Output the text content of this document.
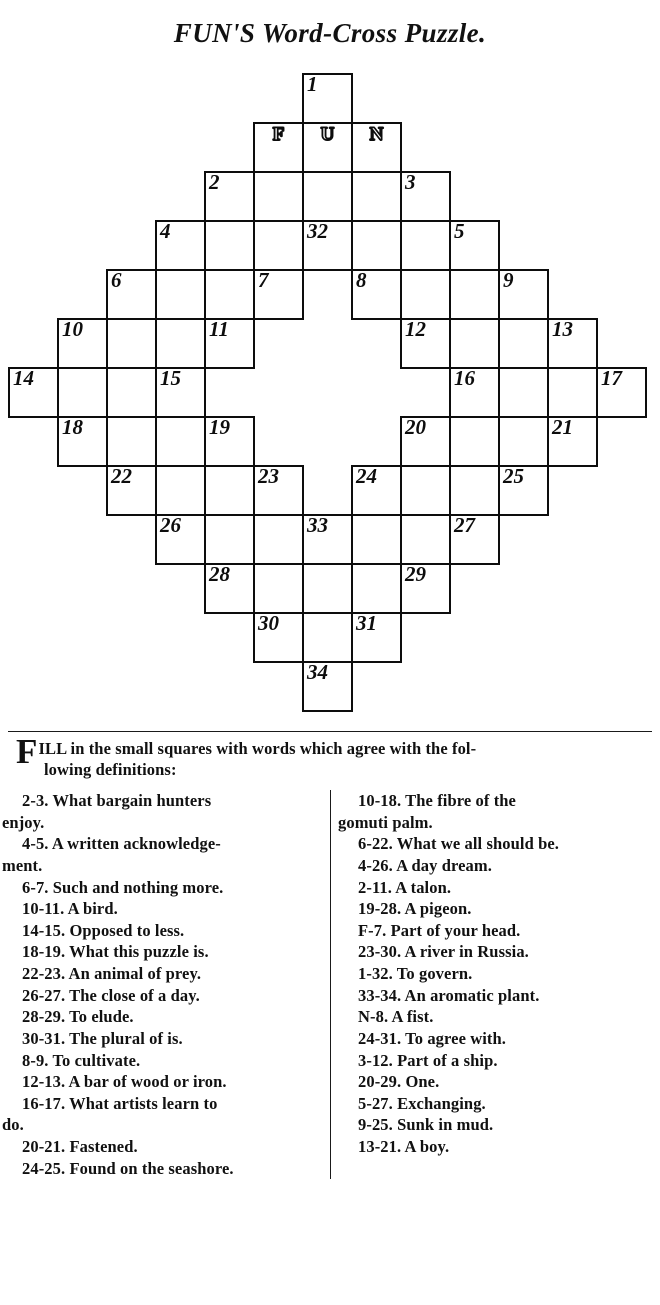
FUN'S Word-Cross Puzzle.
1
F	U	N
2	3
4	32	5
6	7	8	9
10	11	12	13
14	15	16	17
18	19	20	21
22	23	24	25
26	33	27
28	29
30	31
34
F ILL in the small squares with words which agree with the fol-
lowing definitions:

2-3. What bargain hunters
enjoy.

4-5. A written acknowledge-
ment.

6-7. Such and nothing more.

10-11. A bird.

14-15. Opposed to less.

18-19. What this puzzle is.

22-23. An animal of prey.

26-27. The close of a day.

28-29. To elude.

30-31. The plural of is.

8-9. To cultivate.

12-13. A bar of wood or iron.

16-17. What artists learn to
do.

20-21. Fastened.

24-25. Found on the seashore.

10-18. The fibre of the
gomuti palm.

6-22. What we all should be.

4-26. A day dream.

2-11. A talon.

19-28. A pigeon.

F-7. Part of your head.

23-30. A river in Russia.

1-32. To govern.

33-34. An aromatic plant.

N-8. A fist.

24-31. To agree with.

3-12. Part of a ship.

20-29. One.

5-27. Exchanging.

9-25. Sunk in mud.

13-21. A boy.
